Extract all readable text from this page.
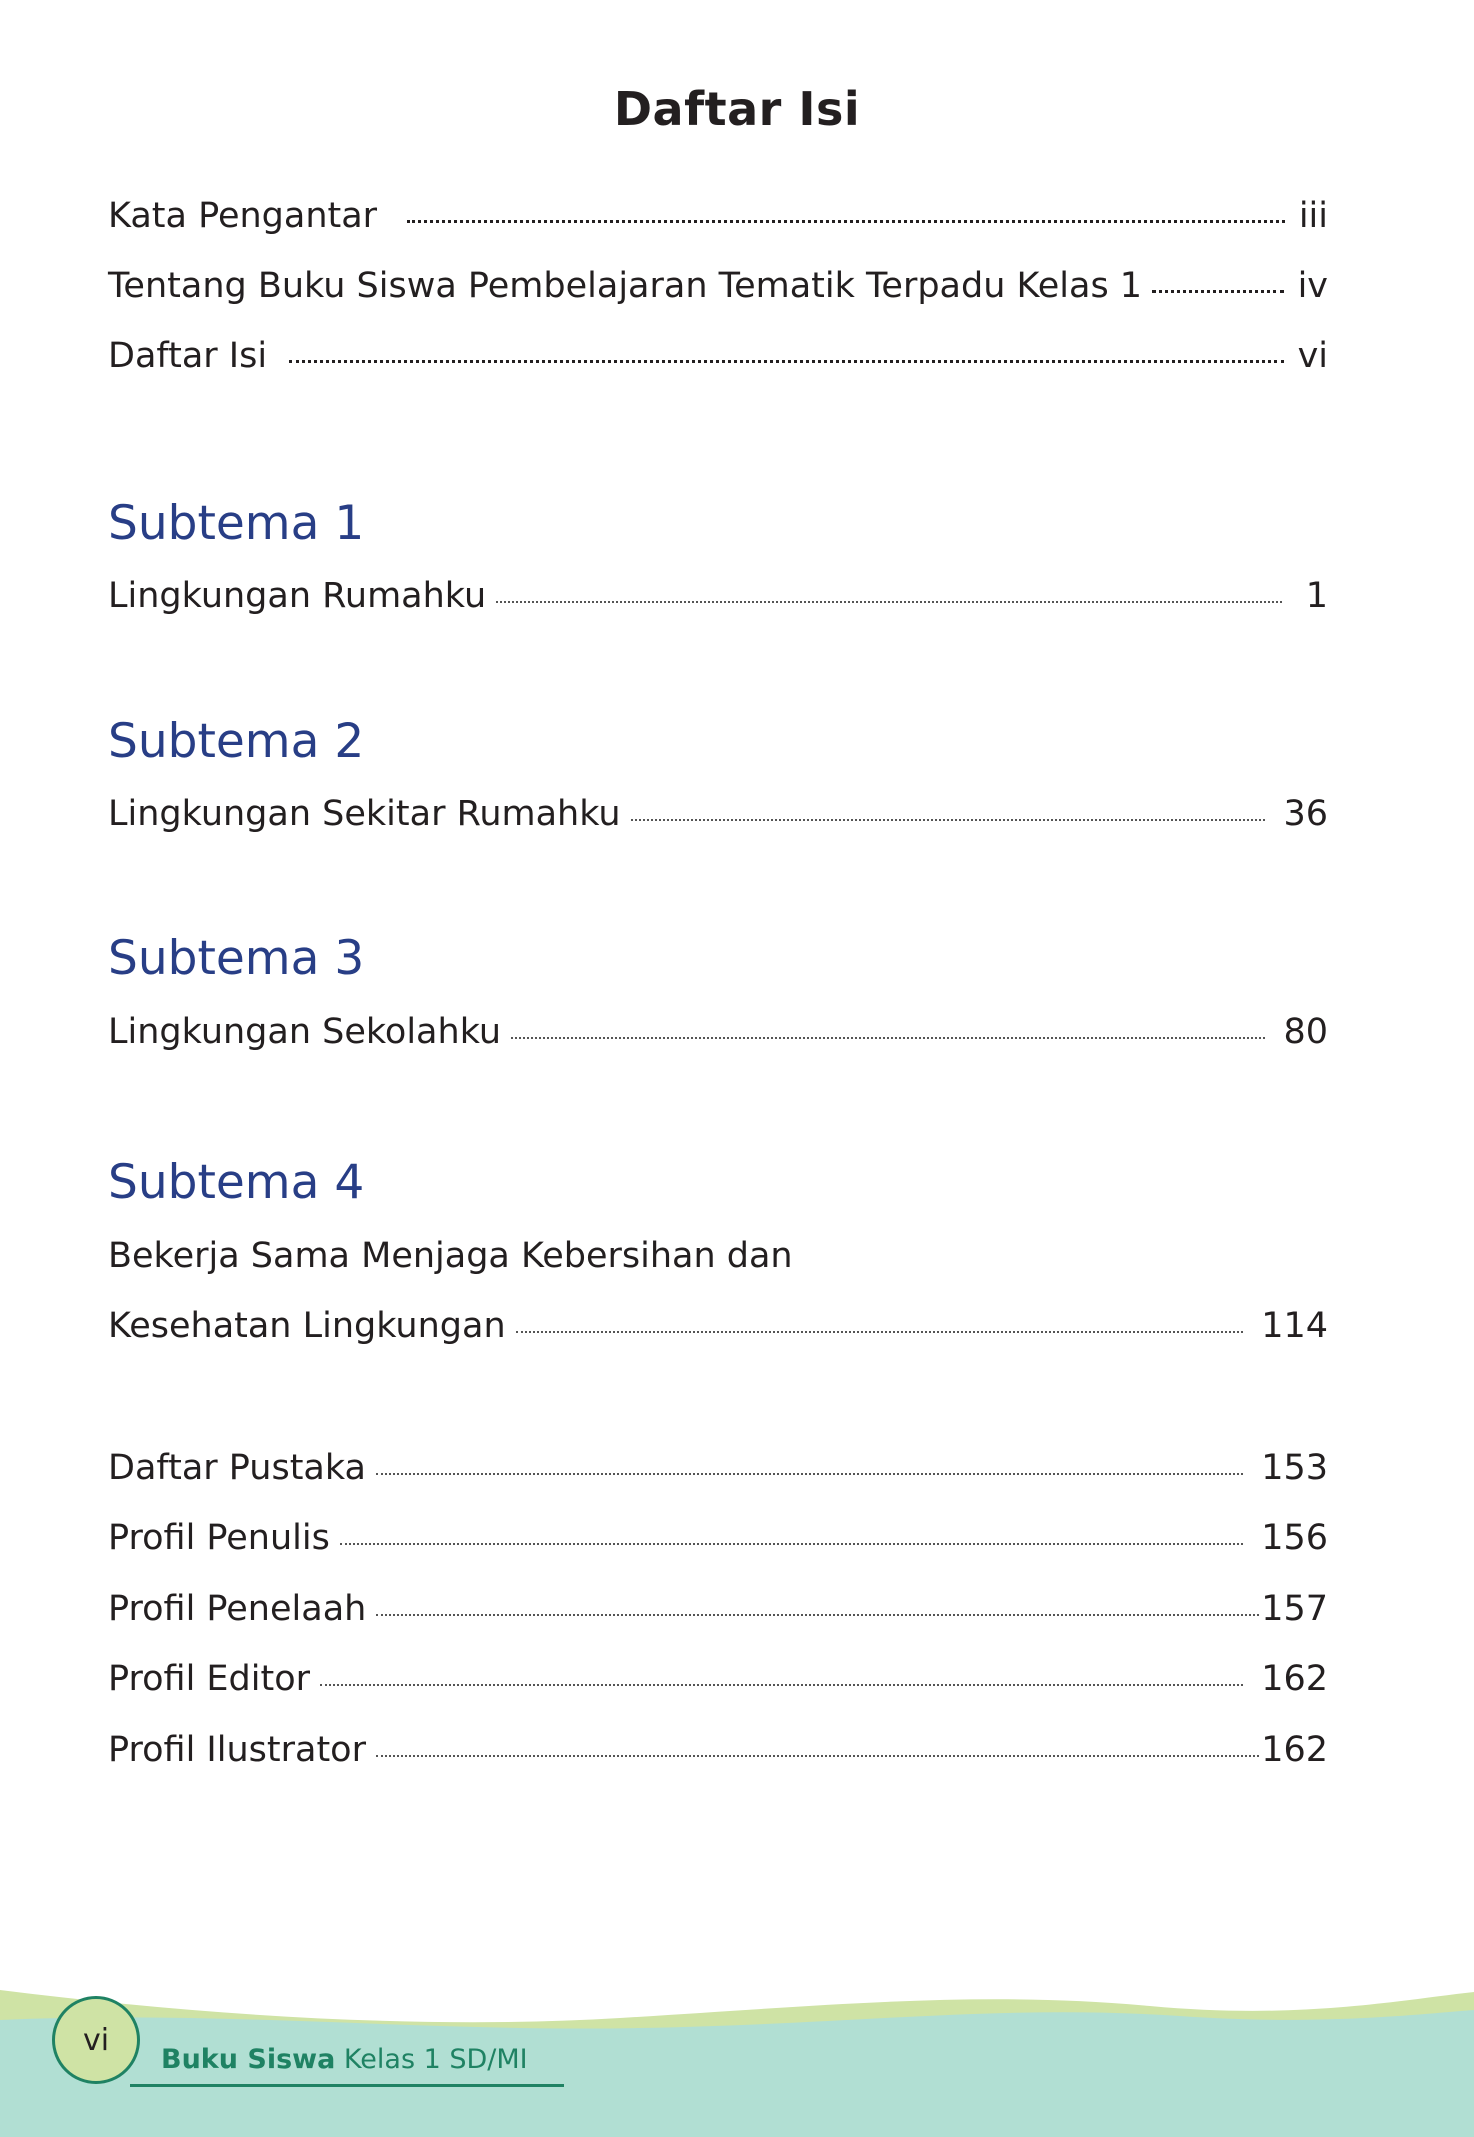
Daftar Isi
Kata Pengantar	iii
Tentang Buku Siswa Pembelajaran Tematik Terpadu Kelas 1	iv
Daftar Isi	vi
Subtema 1
Lingkungan Rumahku	1
Subtema 2
Lingkungan Sekitar Rumahku	36
Subtema 3
Lingkungan Sekolahku	80
Subtema 4
Bekerja Sama Menjaga Kebersihan dan
Kesehatan Lingkungan	114
Daftar Pustaka	153
Profil Penulis	156
Profil Penelaah	157
Profil Editor	162
Profil Ilustrator	162
vi
Buku Siswa Kelas 1 SD/MI
